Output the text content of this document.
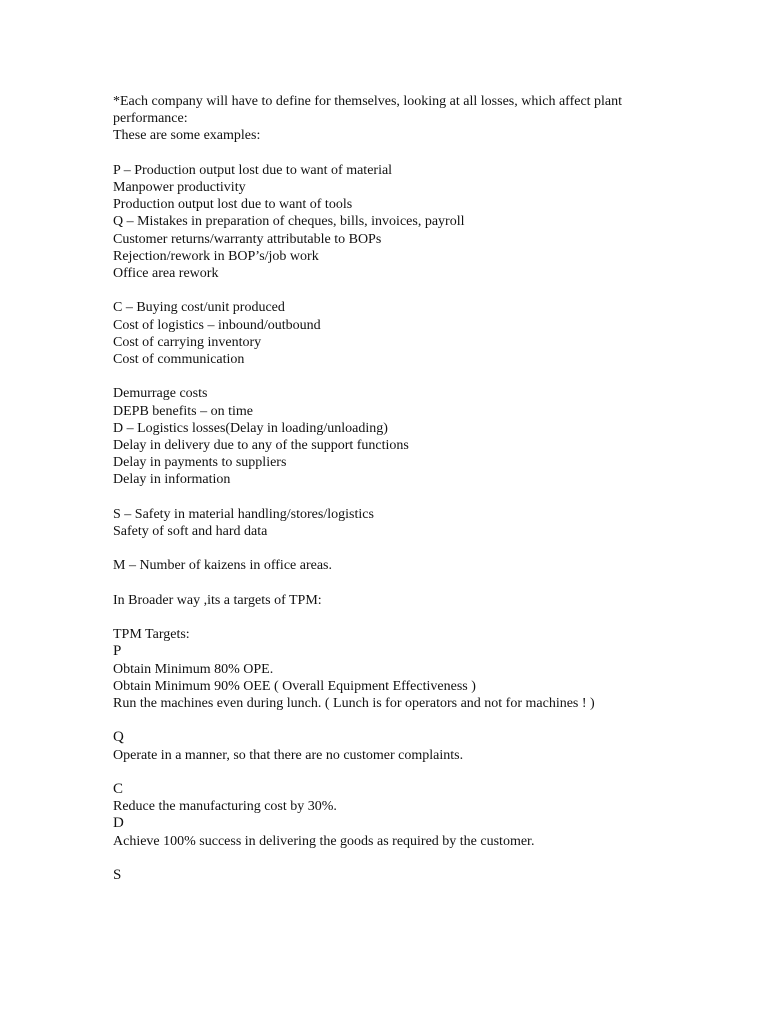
*Each company will have to define for themselves, looking at all losses, which affect plant performance:
These are some examples:
P – Production output lost due to want of material
Manpower productivity
Production output lost due to want of tools
Q – Mistakes in preparation of cheques, bills, invoices, payroll
Customer returns/warranty attributable to BOPs
Rejection/rework in BOP’s/job work
Office area rework
C – Buying cost/unit produced
Cost of logistics – inbound/outbound
Cost of carrying inventory
Cost of communication
Demurrage costs
DEPB benefits – on time
D – Logistics losses(Delay in loading/unloading)
Delay in delivery due to any of the support functions
Delay in payments to suppliers
Delay in information
S – Safety in material handling/stores/logistics
Safety of soft and hard data
M – Number of kaizens in office areas.
In Broader way ,its a targets of TPM:
TPM Targets:
P
Obtain Minimum 80% OPE.
Obtain Minimum 90% OEE ( Overall Equipment Effectiveness )
Run the machines even during lunch. ( Lunch is for operators and not for machines ! )
Q
Operate in a manner, so that there are no customer complaints.
C
Reduce the manufacturing cost by 30%.
D
Achieve 100% success in delivering the goods as required by the customer.
S
